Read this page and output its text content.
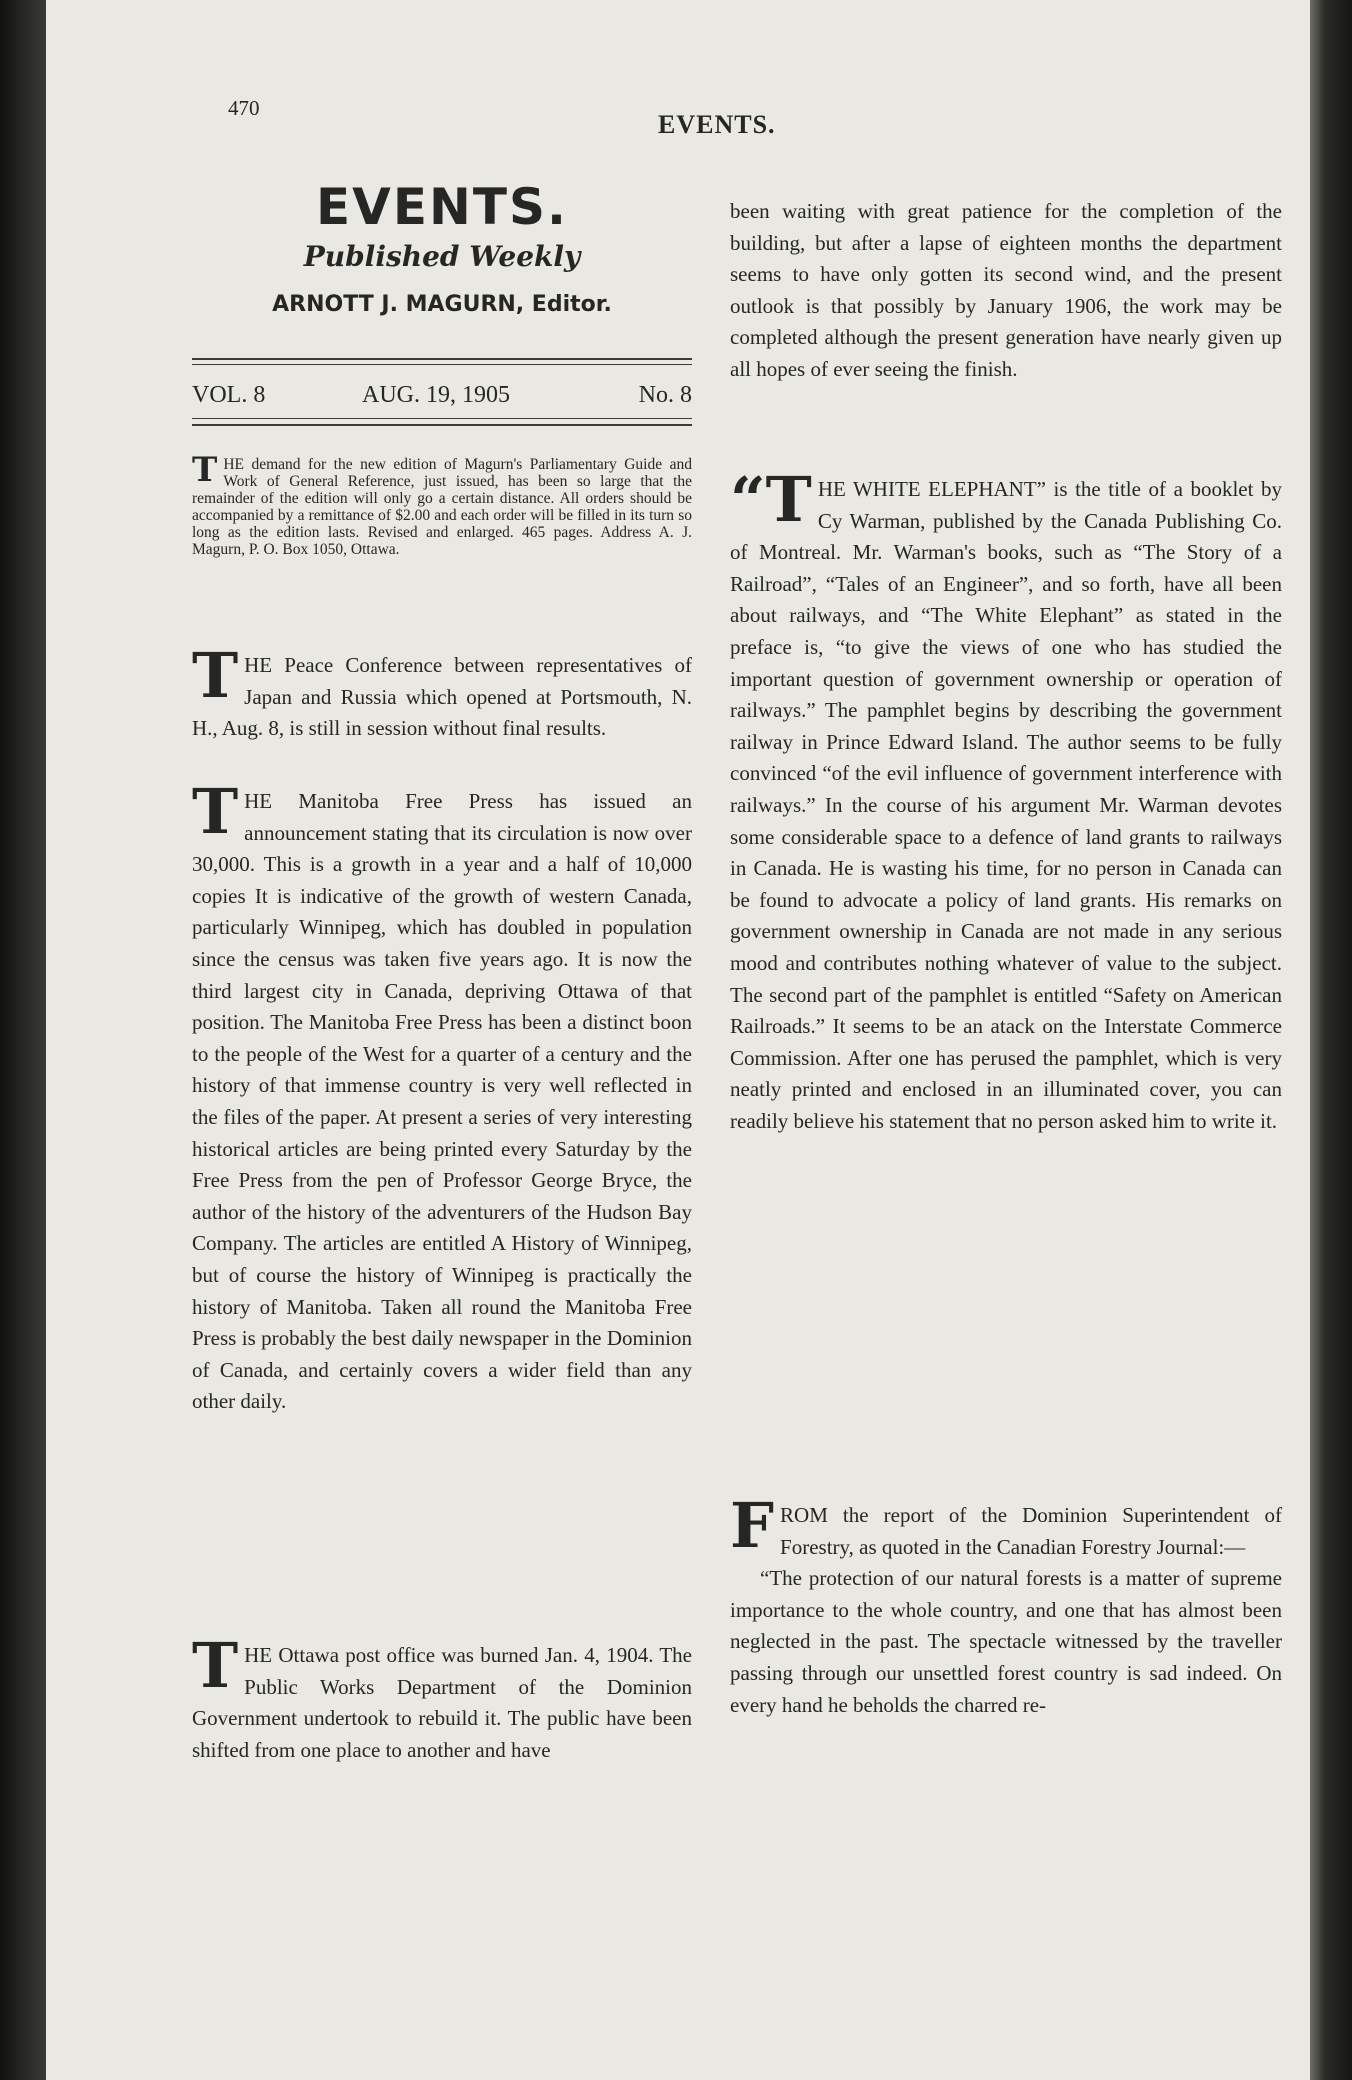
470
EVENTS.
EVENTS.
Published Weekly
ARNOTT J. MAGURN, Editor.
VOL. 8	AUG. 19, 1905	No. 8

THE demand for the new edition of Magurn's Parliamentary Guide and Work of General Reference, just issued, has been so large that the remainder of the edition will only go a certain distance. All orders should be accompanied by a remittance of $2.00 and each order will be filled in its turn so long as the edition lasts. Revised and enlarged. 465 pages. Address A. J. Magurn, P. O. Box 1050, Ottawa.

THE Peace Conference between representatives of Japan and Russia which opened at Portsmouth, N. H., Aug. 8, is still in session without final results.

THE Manitoba Free Press has issued an announcement stating that its circulation is now over 30,000. This is a growth in a year and a half of 10,000 copies It is indicative of the growth of western Canada, particularly Winnipeg, which has doubled in population since the census was taken five years ago. It is now the third largest city in Canada, depriving Ottawa of that position. The Manitoba Free Press has been a distinct boon to the people of the West for a quarter of a century and the history of that immense country is very well reflected in the files of the paper. At present a series of very interesting historical articles are being printed every Saturday by the Free Press from the pen of Professor George Bryce, the author of the history of the adventurers of the Hudson Bay Company. The articles are entitled A History of Winnipeg, but of course the history of Winnipeg is practically the history of Manitoba. Taken all round the Manitoba Free Press is probably the best daily newspaper in the Dominion of Canada, and certainly covers a wider field than any other daily.

THE Ottawa post office was burned Jan. 4, 1904. The Public Works Department of the Dominion Government undertook to rebuild it. The public have been shifted from one place to another and have

been waiting with great patience for the completion of the building, but after a lapse of eighteen months the department seems to have only gotten its second wind, and the present outlook is that possibly by January 1906, the work may be completed although the present generation have nearly given up all hopes of ever seeing the finish.

“THE WHITE ELEPHANT” is the title of a booklet by Cy Warman, published by the Canada Publishing Co. of Montreal. Mr. Warman's books, such as “The Story of a Railroad”, “Tales of an Engineer”, and so forth, have all been about railways, and “The White Elephant” as stated in the preface is, “to give the views of one who has studied the important question of government ownership or operation of railways.” The pamphlet begins by describing the government railway in Prince Edward Island. The author seems to be fully convinced “of the evil influence of government interference with railways.” In the course of his argument Mr. Warman devotes some considerable space to a defence of land grants to railways in Canada. He is wasting his time, for no person in Canada can be found to advocate a policy of land grants. His remarks on government ownership in Canada are not made in any serious mood and contributes nothing whatever of value to the subject. The second part of the pamphlet is entitled “Safety on American Railroads.” It seems to be an atack on the Interstate Commerce Commission. After one has perused the pamphlet, which is very neatly printed and enclosed in an illuminated cover, you can readily believe his statement that no person asked him to write it.

FROM the report of the Dominion Superintendent of Forestry, as quoted in the Canadian Forestry Journal:—

“The protection of our natural forests is a matter of supreme importance to the whole country, and one that has almost been neglected in the past. The spectacle witnessed by the traveller passing through our unsettled forest country is sad indeed. On every hand he beholds the charred re-
